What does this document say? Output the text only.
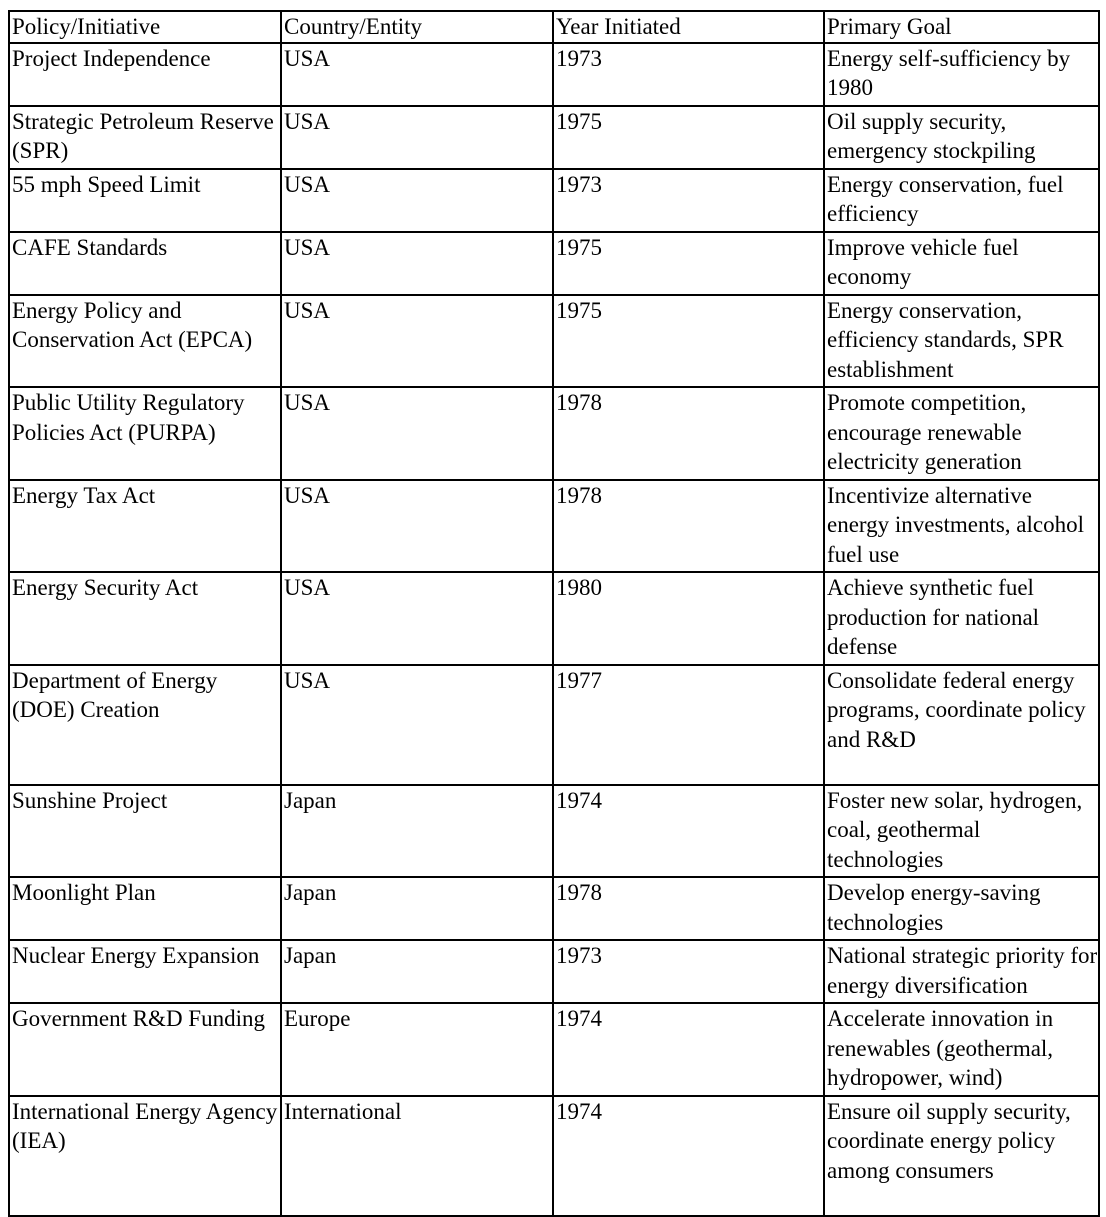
Policy/Initiative	Country/Entity	Year Initiated	Primary Goal
Project Independence	USA	1973	Energy self-sufficiency by 1980
Strategic Petroleum Reserve (SPR)	USA	1975	Oil supply security, emergency stockpiling
55 mph Speed Limit	USA	1973	Energy conservation, fuel efficiency
CAFE Standards	USA	1975	Improve vehicle fuel economy
Energy Policy and Conservation Act (EPCA)	USA	1975	Energy conservation, efficiency standards, SPR establishment
Public Utility Regulatory Policies Act (PURPA)	USA	1978	Promote competition, encourage renewable electricity generation
Energy Tax Act	USA	1978	Incentivize alternative energy investments, alcohol fuel use
Energy Security Act	USA	1980	Achieve synthetic fuel production for national defense
Department of Energy (DOE) Creation	USA	1977	Consolidate federal energy programs, coordinate policy and R&D
Sunshine Project	Japan	1974	Foster new solar, hydrogen, coal, geothermal technologies
Moonlight Plan	Japan	1978	Develop energy-saving technologies
Nuclear Energy Expansion	Japan	1973	National strategic priority for energy diversification
Government R&D Funding	Europe	1974	Accelerate innovation in renewables (geothermal, hydropower, wind)
International Energy Agency (IEA)	International	1974	Ensure oil supply security, coordinate energy policy among consumers
